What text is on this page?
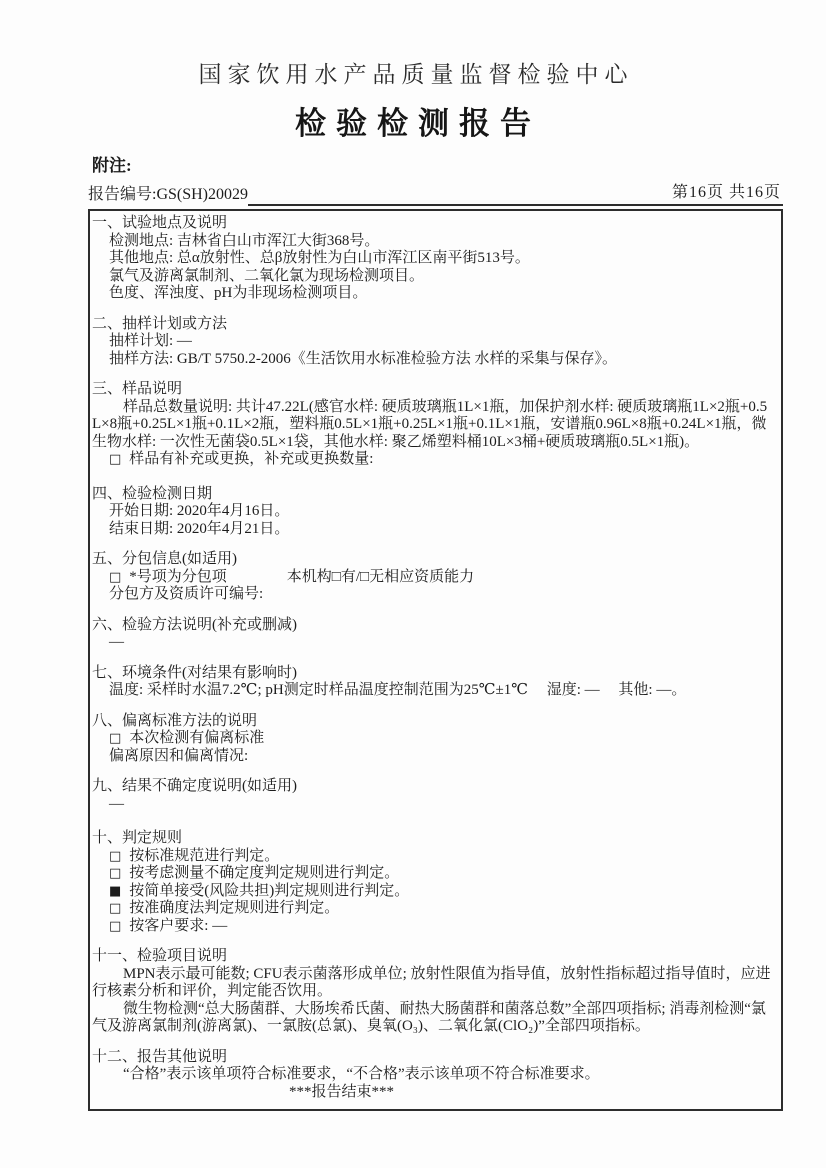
国家饮用水产品质量监督检验中心
检验检测报告
附注:
报告编号:GS(SH)20029	第16页 共16页
一、试验地点及说明
检测地点: 吉林省白山市浑江大街368号。
其他地点: 总α放射性、总β放射性为白山市浑江区南平街513号。
氯气及游离氯制剂、二氧化氯为现场检测项目。
色度、浑浊度、pH为非现场检测项目。
二、抽样计划或方法
抽样计划: —
抽样方法: GB/T 5750.2-2006《生活饮用水标准检验方法 水样的采集与保存》。
三、样品说明
样品总数量说明: 共计47.22L(感官水样: 硬质玻璃瓶1L×1瓶，加保护剂水样: 硬质玻璃瓶1L×2瓶+0.5L×8瓶+0.25L×1瓶+0.1L×2瓶，塑料瓶0.5L×1瓶+0.25L×1瓶+0.1L×1瓶，安谱瓶0.96L×8瓶+0.24L×1瓶，微生物水样: 一次性无菌袋0.5L×1袋，其他水样: 聚乙烯塑料桶10L×3桶+硬质玻璃瓶0.5L×1瓶)。
□ 样品有补充或更换，补充或更换数量:
四、检验检测日期
开始日期: 2020年4月16日。
结束日期: 2020年4月21日。
五、分包信息(如适用)
□ *号项为分包项　　　　本机构□有/□无相应资质能力
分包方及资质许可编号:
六、检验方法说明(补充或删减)
—
七、环境条件(对结果有影响时)
温度: 采样时水温7.2℃; pH测定时样品温度控制范围为25℃±1℃　 湿度: —　 其他: —。
八、偏离标准方法的说明
□ 本次检测有偏离标准
偏离原因和偏离情况:
九、结果不确定度说明(如适用)
—
十、判定规则
□ 按标准规范进行判定。
□ 按考虑测量不确定度判定规则进行判定。
■ 按简单接受(风险共担)判定规则进行判定。
□ 按准确度法判定规则进行判定。
□ 按客户要求: —
十一、检验项目说明
MPN表示最可能数; CFU表示菌落形成单位; 放射性限值为指导值，放射性指标超过指导值时，应进行核素分析和评价，判定能否饮用。
微生物检测“总大肠菌群、大肠埃希氏菌、耐热大肠菌群和菌落总数”全部四项指标; 消毒剂检测“氯气及游离氯制剂(游离氯)、一氯胺(总氯)、臭氧(O₃)、二氧化氯(ClO₂)”全部四项指标。
十二、报告其他说明
“合格”表示该单项符合标准要求，“不合格”表示该单项不符合标准要求。
***报告结束***
